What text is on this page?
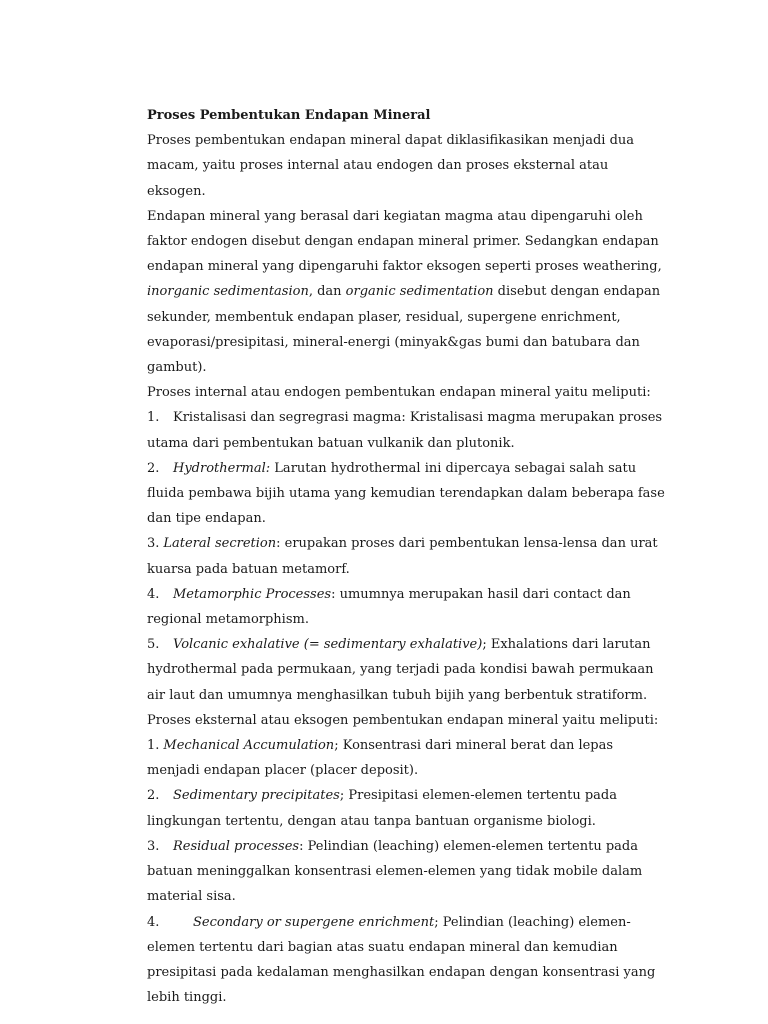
Proses Pembentukan Endapan Mineral

Proses pembentukan endapan mineral dapat diklasifikasikan menjadi dua macam, yaitu proses internal atau endogen dan proses eksternal atau eksogen.

Endapan mineral yang berasal dari kegiatan magma atau dipengaruhi oleh faktor endogen disebut dengan endapan mineral primer. Sedangkan endapan endapan mineral yang dipengaruhi faktor eksogen seperti proses weathering, inorganic sedimentasion, dan organic sedimentation disebut dengan endapan sekunder, membentuk endapan plaser, residual, supergene enrichment, evaporasi/presipitasi, mineral-energi (minyak&gas bumi dan batubara dan gambut).

Proses internal atau endogen pembentukan endapan mineral yaitu meliputi:

1. Kristalisasi dan segregrasi magma: Kristalisasi magma merupakan proses utama dari pembentukan batuan vulkanik dan plutonik.

2. Hydrothermal: Larutan hydrothermal ini dipercaya sebagai salah satu fluida pembawa bijih utama yang kemudian terendapkan dalam beberapa fase dan tipe endapan.

3. Lateral secretion: erupakan proses dari pembentukan lensa-lensa dan urat kuarsa pada batuan metamorf.

4. Metamorphic Processes: umumnya merupakan hasil dari contact dan regional metamorphism.

5. Volcanic exhalative (= sedimentary exhalative); Exhalations dari larutan hydrothermal pada permukaan, yang terjadi pada kondisi bawah permukaan air laut dan umumnya menghasilkan tubuh bijih yang berbentuk stratiform.

Proses eksternal atau eksogen pembentukan endapan mineral yaitu meliputi:

1. Mechanical Accumulation; Konsentrasi dari mineral berat dan lepas menjadi endapan placer (placer deposit).

2. Sedimentary precipitates; Presipitasi elemen-elemen tertentu pada lingkungan tertentu, dengan atau tanpa bantuan organisme biologi.

3. Residual processes: Pelindian (leaching) elemen-elemen tertentu pada batuan meninggalkan konsentrasi elemen-elemen yang tidak mobile dalam material sisa.

4.	Secondary or supergene enrichment; Pelindian (leaching) elemen-elemen tertentu dari bagian atas suatu endapan mineral dan kemudian presipitasi pada kedalaman menghasilkan endapan dengan konsentrasi yang lebih tinggi.
